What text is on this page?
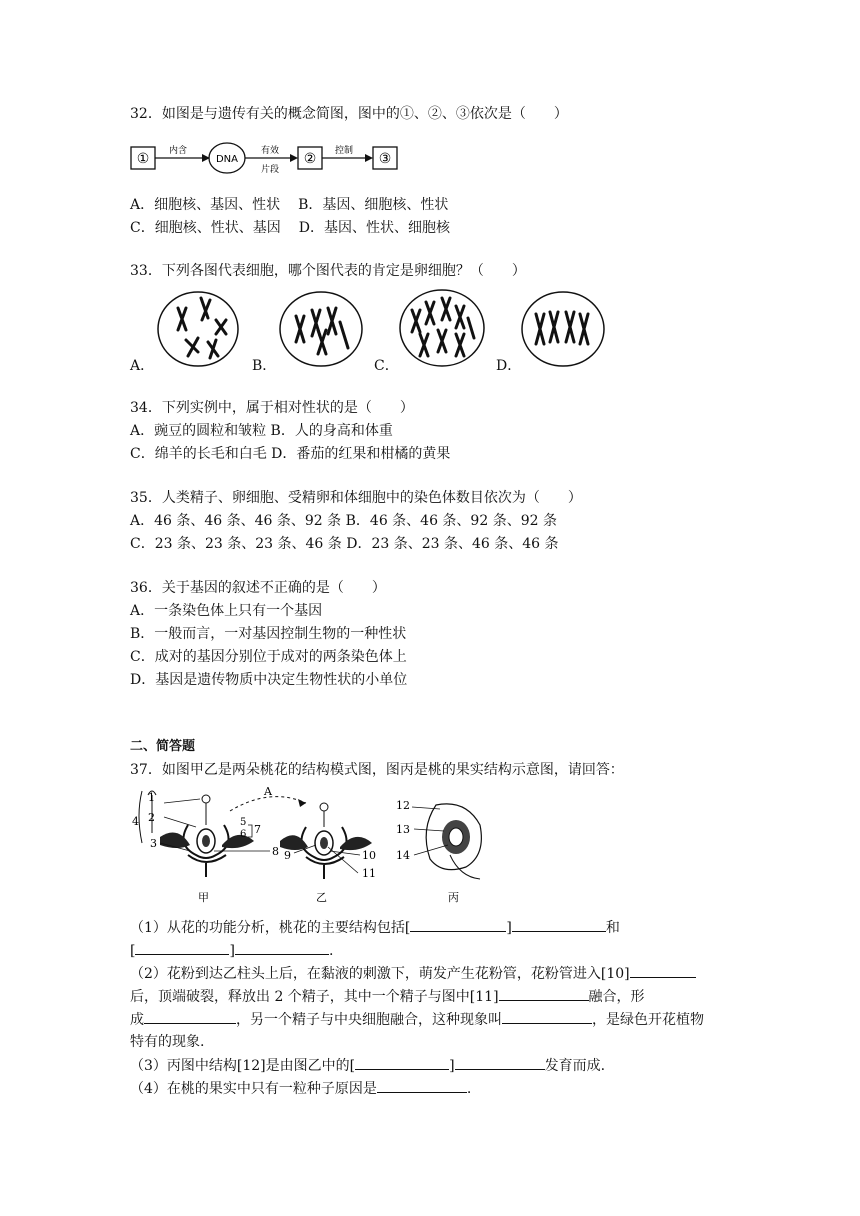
32．如图是与遗传有关的概念简图，图中的①、②、③依次是（　　）
① 内含
DNA
有效
片段
② 控制 ③
A．细胞核、基因、性状 B．基因、细胞核、性状
C．细胞核、性状、基因 D．基因、性状、细胞核
33．下列各图代表细胞，哪个图代表的肯定是卵细胞？（　　）
A．	B．	C．	D．
34．下列实例中，属于相对性状的是（　　）
A．豌豆的圆粒和皱粒 B．人的身高和体重
C．绵羊的长毛和白毛 D．番茄的红果和柑橘的黄果
35．人类精子、卵细胞、受精卵和体细胞中的染色体数目依次为（　　）
A．46 条、46 条、46 条、92 条 B．46 条、46 条、92 条、92 条
C．23 条、23 条、23 条、46 条 D．23 条、23 条、46 条、46 条
36．关于基因的叙述不正确的是（　　）
A．一条染色体上只有一个基因
B．一般而言，一对基因控制生物的一种性状
C．成对的基因分别位于成对的两条染色体上
D．基因是遗传物质中决定生物性状的小单位
二、简答题
37．如图甲乙是两朵桃花的结构模式图，图丙是桃的果实结构示意图，请回答：
1
2
3
4	5
6 7
8
甲
A
9	10
11
乙
12
13
14
丙
（1）从花的功能分析，桃花的主要结构包括[	]	和
[	]	.
（2）花粉到达乙柱头上后，在黏液的刺激下，萌发产生花粉管，花粉管进入[10]
后，顶端破裂，释放出 2 个精子，其中一个精子与图中[11]	融合，形
成	，另一个精子与中央细胞融合，这种现象叫	，是绿色开花植物
特有的现象.
（3）丙图中结构[12]是由图乙中的[	]	发育而成.
（4）在桃的果实中只有一粒种子原因是	.
